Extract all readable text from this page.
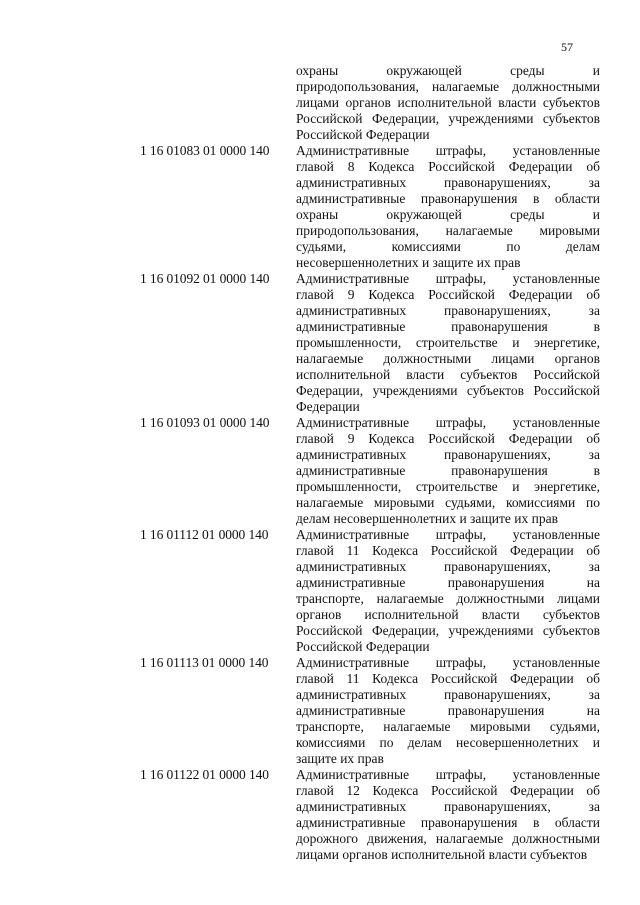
57
охраны окружающей среды и
природопользования, налагаемые должностными
лицами органов исполнительной власти субъектов
Российской Федерации, учреждениями субъектов
Российской Федерации
1 16 01083 01 0000 140	Административные штрафы, установленные
главой 8 Кодекса Российской Федерации об
административных правонарушениях, за
административные правонарушения в области
охраны окружающей среды и
природопользования, налагаемые мировыми
судьями, комиссиями по делам
несовершеннолетних и защите их прав
1 16 01092 01 0000 140	Административные штрафы, установленные
главой 9 Кодекса Российской Федерации об
административных правонарушениях, за
административные правонарушения в
промышленности, строительстве и энергетике,
налагаемые должностными лицами органов
исполнительной власти субъектов Российской
Федерации, учреждениями субъектов Российской
Федерации
1 16 01093 01 0000 140	Административные штрафы, установленные
главой 9 Кодекса Российской Федерации об
административных правонарушениях, за
административные правонарушения в
промышленности, строительстве и энергетике,
налагаемые мировыми судьями, комиссиями по
делам несовершеннолетних и защите их прав
1 16 01112 01 0000 140	Административные штрафы, установленные
главой 11 Кодекса Российской Федерации об
административных правонарушениях, за
административные правонарушения на
транспорте, налагаемые должностными лицами
органов исполнительной власти субъектов
Российской Федерации, учреждениями субъектов
Российской Федерации
1 16 01113 01 0000 140	Административные штрафы, установленные
главой 11 Кодекса Российской Федерации об
административных правонарушениях, за
административные правонарушения на
транспорте, налагаемые мировыми судьями,
комиссиями по делам несовершеннолетних и
защите их прав
1 16 01122 01 0000 140	Административные штрафы, установленные
главой 12 Кодекса Российской Федерации об
административных правонарушениях, за
административные правонарушения в области
дорожного движения, налагаемые должностными
лицами органов исполнительной власти субъектов
